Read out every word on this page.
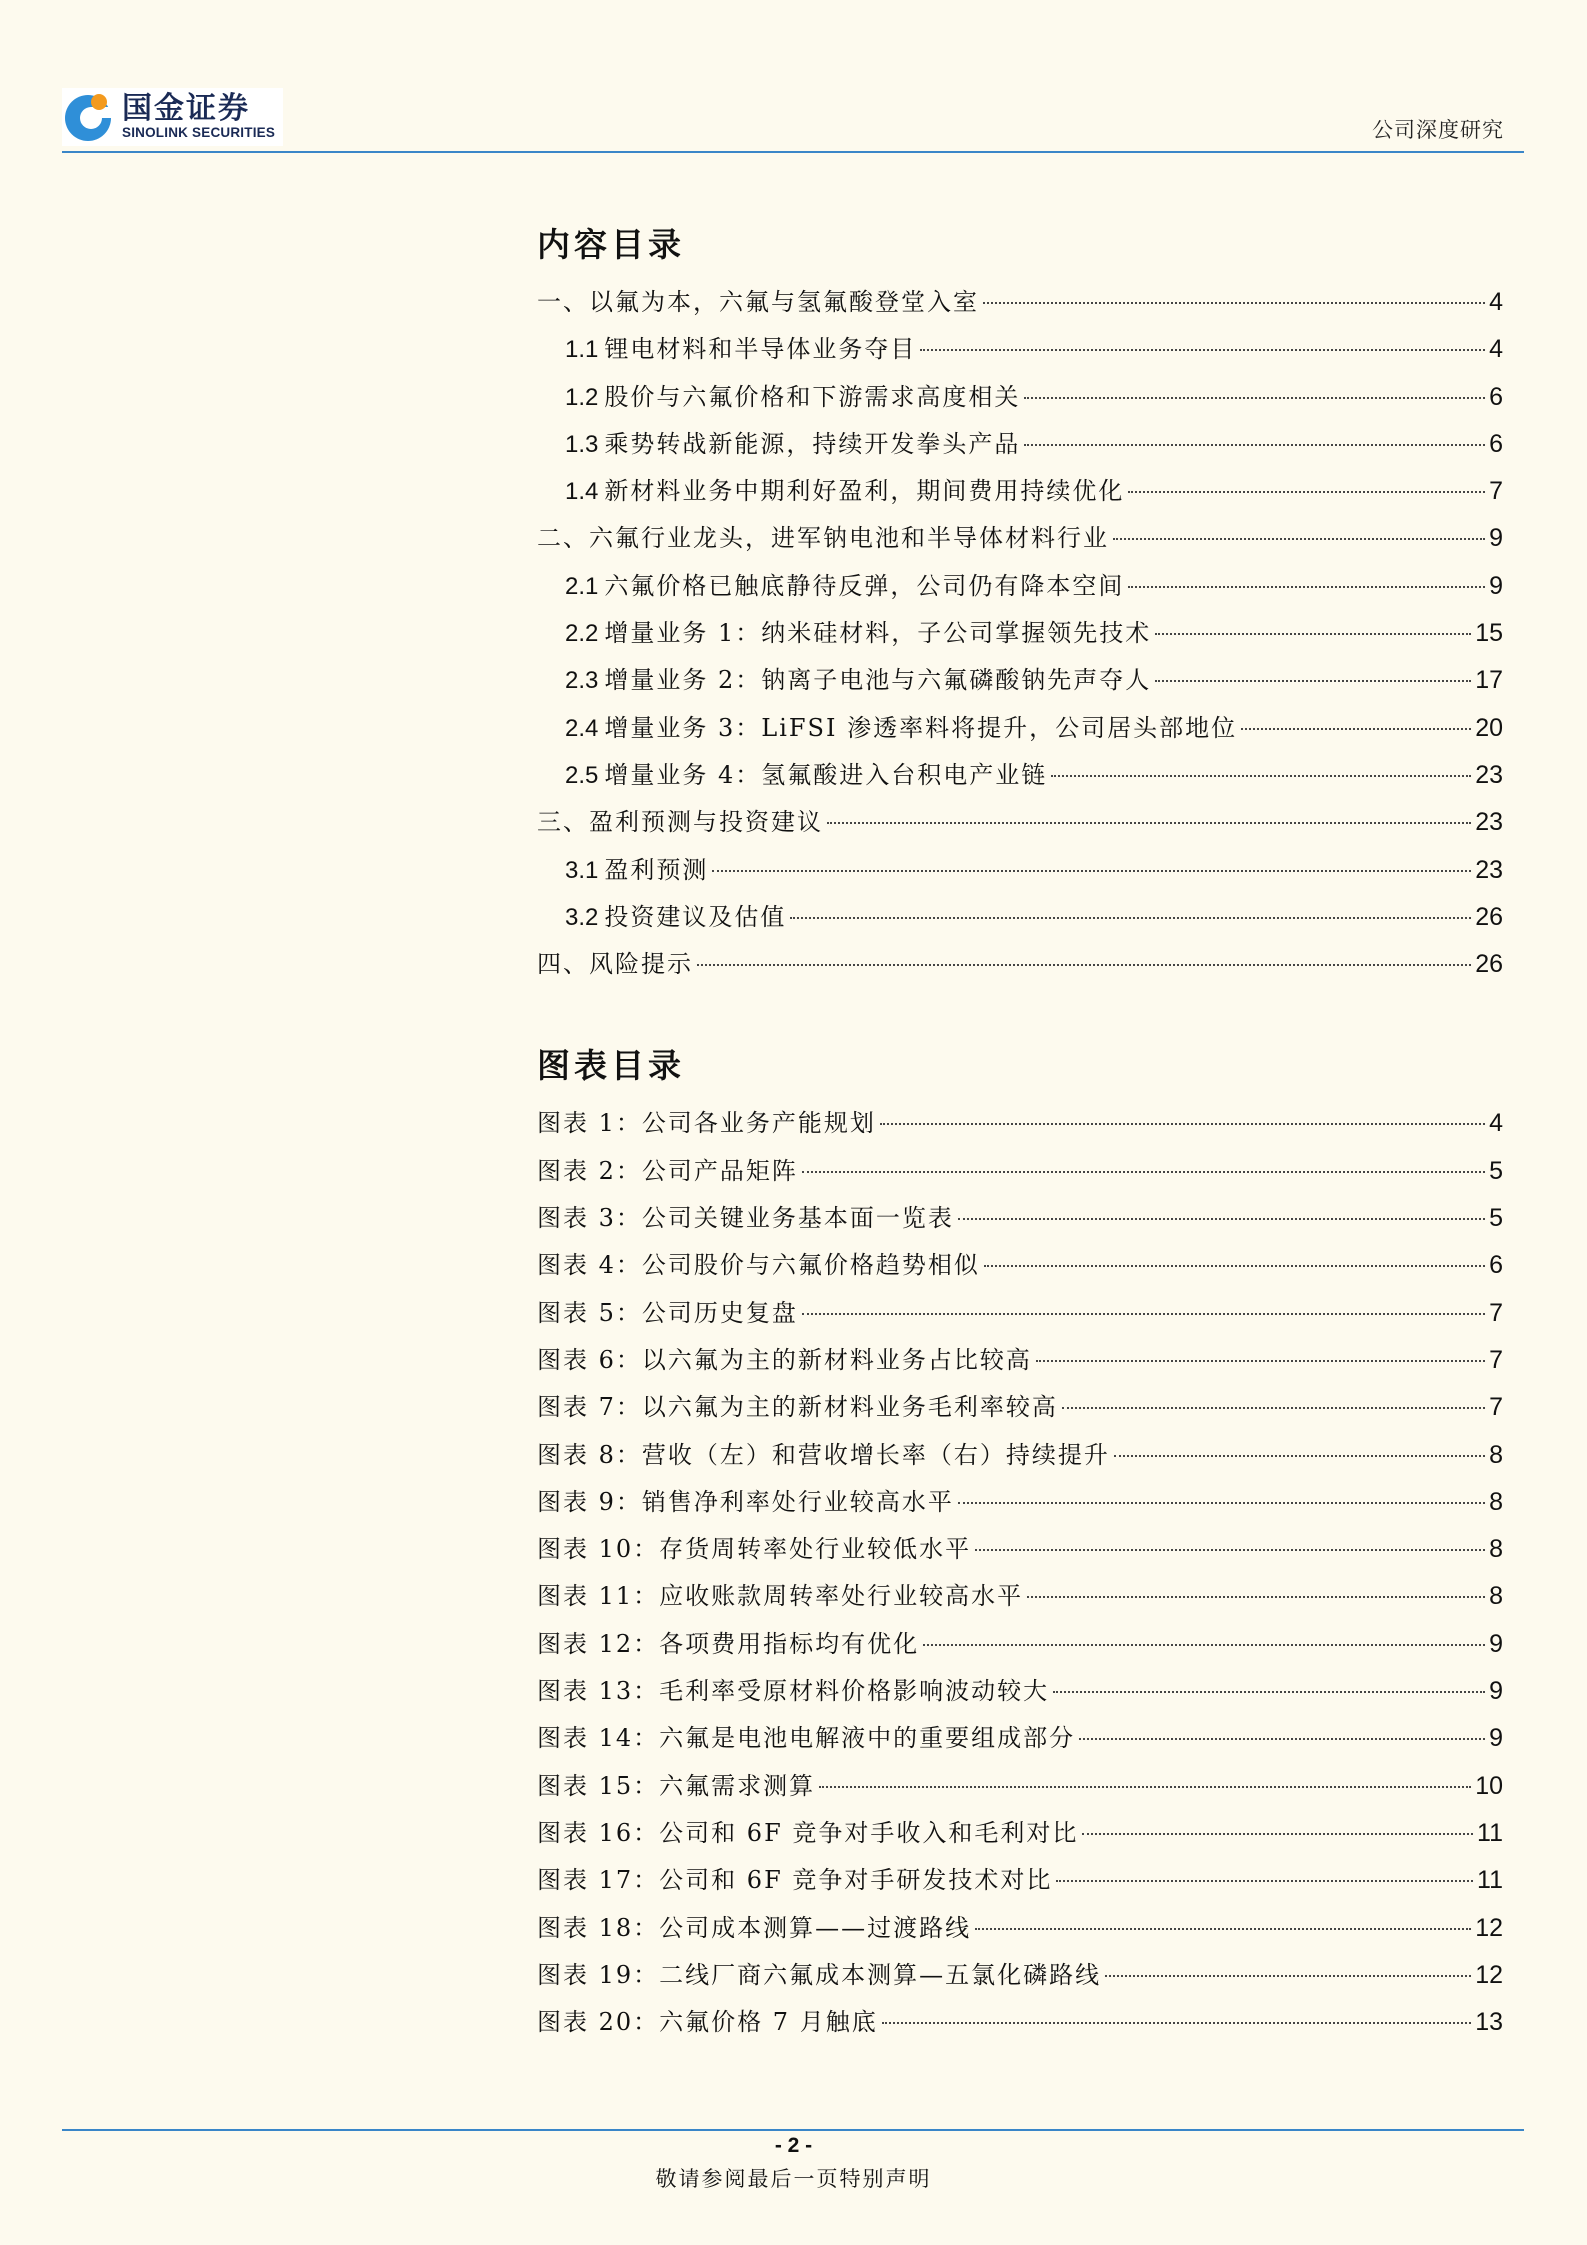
国金证券
SINOLINK SECURITIES	公司深度研究
内容目录
一、以氟为本，六氟与氢氟酸登堂入室	4
1.1 锂电材料和半导体业务夺目	4
1.2 股价与六氟价格和下游需求高度相关	6
1.3 乘势转战新能源，持续开发拳头产品	6
1.4 新材料业务中期利好盈利，期间费用持续优化	7
二、六氟行业龙头，进军钠电池和半导体材料行业	9
2.1 六氟价格已触底静待反弹，公司仍有降本空间	9
2.2 增量业务 1：纳米硅材料，子公司掌握领先技术	15
2.3 增量业务 2：钠离子电池与六氟磷酸钠先声夺人	17
2.4 增量业务 3：LiFSI 渗透率料将提升，公司居头部地位	20
2.5 增量业务 4：氢氟酸进入台积电产业链	23
三、盈利预测与投资建议	23
3.1 盈利预测	23
3.2 投资建议及估值	26
四、风险提示	26
图表目录
图表 1：公司各业务产能规划	4
图表 2：公司产品矩阵	5
图表 3：公司关键业务基本面一览表	5
图表 4：公司股价与六氟价格趋势相似	6
图表 5：公司历史复盘	7
图表 6：以六氟为主的新材料业务占比较高	7
图表 7：以六氟为主的新材料业务毛利率较高	7
图表 8：营收（左）和营收增长率（右）持续提升	8
图表 9：销售净利率处行业较高水平	8
图表 10：存货周转率处行业较低水平	8
图表 11：应收账款周转率处行业较高水平	8
图表 12：各项费用指标均有优化	9
图表 13：毛利率受原材料价格影响波动较大	9
图表 14：六氟是电池电解液中的重要组成部分	9
图表 15：六氟需求测算	10
图表 16：公司和 6F 竞争对手收入和毛利对比	11
图表 17：公司和 6F 竞争对手研发技术对比	11
图表 18：公司成本测算——过渡路线	12
图表 19：二线厂商六氟成本测算—五氯化磷路线	12
图表 20：六氟价格 7 月触底	13
- 2 -
敬请参阅最后一页特别声明
